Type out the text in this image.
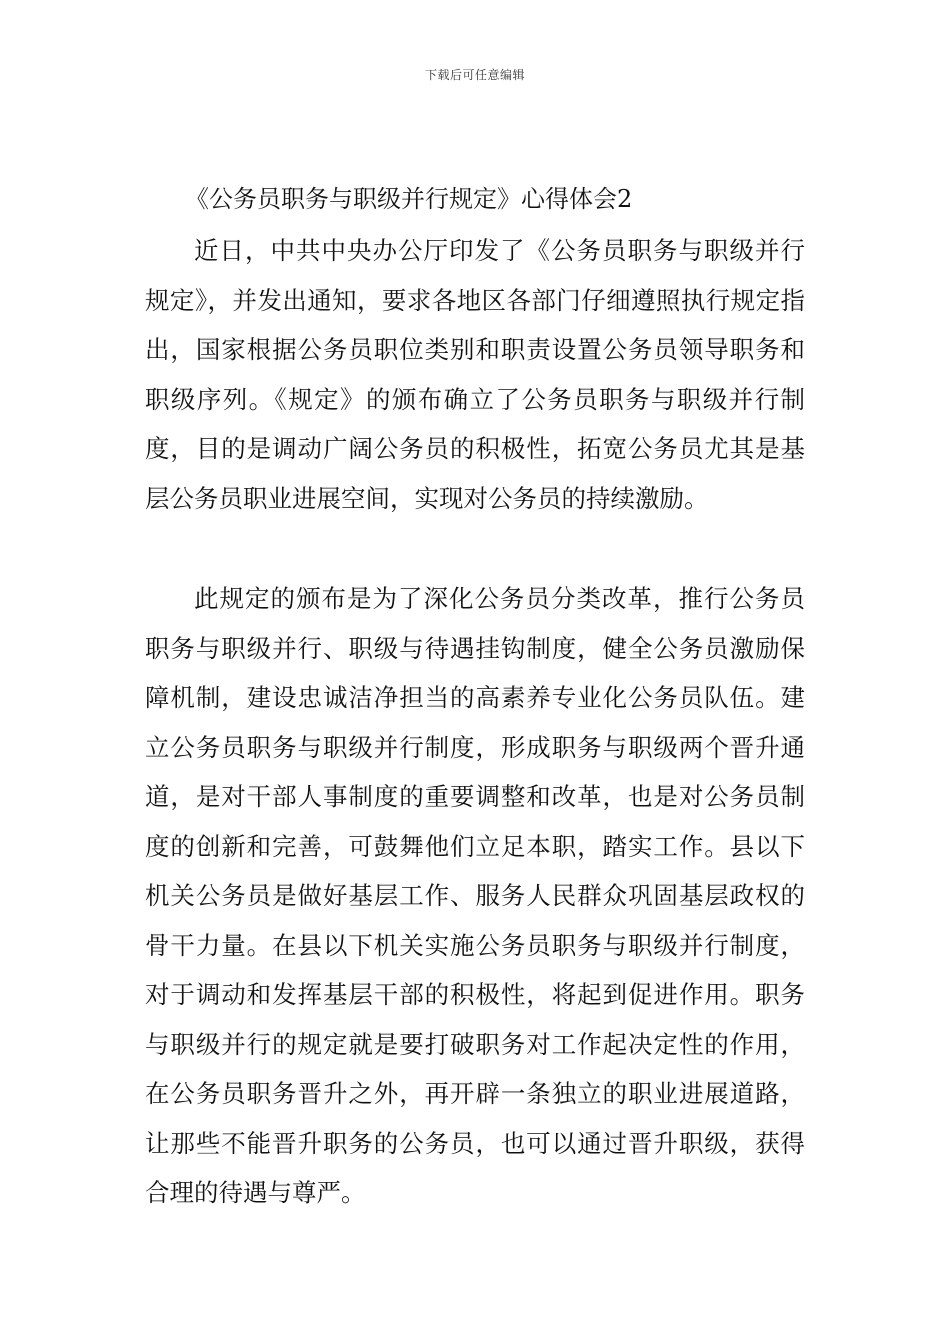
下载后可任意编辑
《公务员职务与职级并行规定》心得体会2

近日，中共中央办公厅印发了《公务员职务与职级并行规定》，并发出通知，要求各地区各部门仔细遵照执行规定指出，国家根据公务员职位类别和职责设置公务员领导职务和职级序列。《规定》的颁布确立了公务员职务与职级并行制度，目的是调动广阔公务员的积极性，拓宽公务员尤其是基层公务员职业进展空间，实现对公务员的持续激励。

此规定的颁布是为了深化公务员分类改革，推行公务员职务与职级并行、职级与待遇挂钩制度，健全公务员激励保障机制，建设忠诚洁净担当的高素养专业化公务员队伍。建立公务员职务与职级并行制度，形成职务与职级两个晋升通道，是对干部人事制度的重要调整和改革，也是对公务员制度的创新和完善，可鼓舞他们立足本职，踏实工作。县以下机关公务员是做好基层工作、服务人民群众巩固基层政权的骨干力量。在县以下机关实施公务员职务与职级并行制度，对于调动和发挥基层干部的积极性，将起到促进作用。职务与职级并行的规定就是要打破职务对工作起决定性的作用，在公务员职务晋升之外，再开辟一条独立的职业进展道路，让那些不能晋升职务的公务员，也可以通过晋升职级，获得合理的待遇与尊严。
